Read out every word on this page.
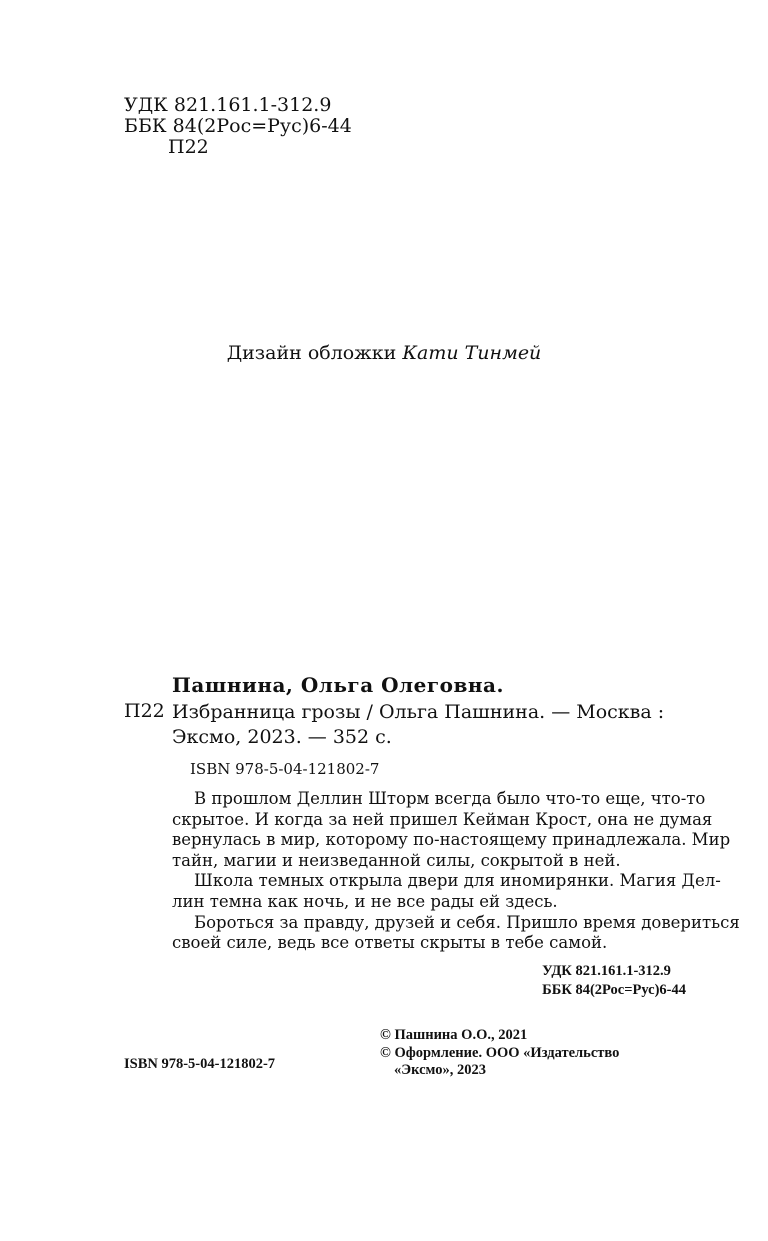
УДК 821.161.1-312.9
ББК 84(2Рос=Рус)6-44
П22
Дизайн обложки Кати Тинмей
Пашнина, Ольга Олеговна.
П22 Избранница грозы / Ольга Пашнина. — Москва :
Эксмо, 2023. — 352 с.
ISBN 978-5-04-121802-7

В прошлом Деллин Шторм всегда было что-то еще, что-то
скрытое. И когда за ней пришел Кейман Крост, она не думая
вернулась в мир, которому по-настоящему принадлежала. Мир
тайн, магии и неизведанной силы, сокрытой в ней.

Школа темных открыла двери для иномирянки. Магия Дел-
лин темна как ночь, и не все рады ей здесь.

Бороться за правду, друзей и себя. Пришло время довериться
своей силе, ведь все ответы скрыты в тебе самой.

УДК 821.161.1-312.9
ББК 84(2Рос=Рус)6-44
© Пашнина О.О., 2021
© Оформление. ООО «Издательство
«Эксмо», 2023
ISBN 978-5-04-121802-7
